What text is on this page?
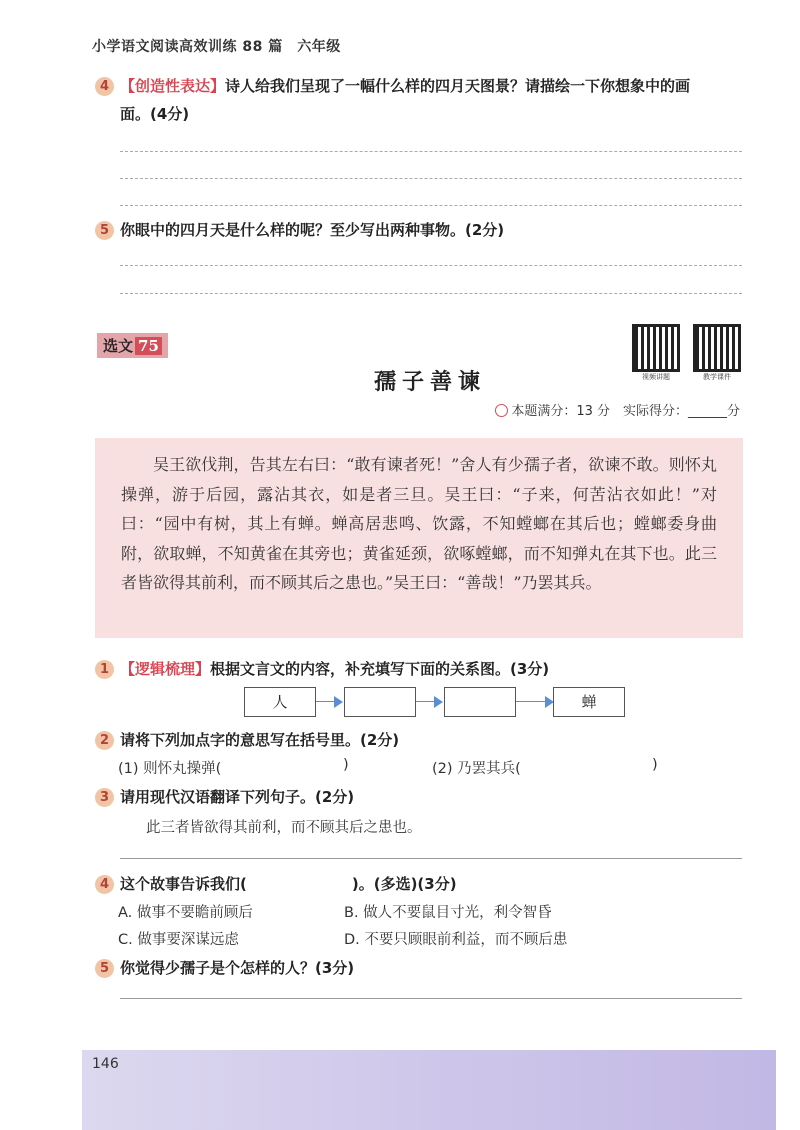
小学语文阅读高效训练 88 篇　六年级
4 【创造性表达】诗人给我们呈现了一幅什么样的四月天图景？请描绘一下你想象中的画
面。(4分)
5 你眼中的四月天是什么样的呢？至少写出两种事物。(2分)
选文 75
孺子善谏	视频讲题	教学课件
本题满分：13 分　实际得分：______分
吴王欲伐荆，告其左右曰：“敢有谏者死！”舍人有少孺子者，欲谏不敢。则怀丸操弹，游于后园，露沾其衣，如是者三旦。吴王曰：“子来，何苦沾衣如此！”对曰：“园中有树，其上有蝉。蝉高居悲鸣、饮露，不知螳螂在其后也；螳螂委身曲附，欲取蝉，不知黄雀在其旁也；黄雀延颈，欲啄螳螂，而不知弹丸在其下也。此三者皆欲得其前利，而不顾其后之患也。”吴王曰：“善哉！”乃罢其兵。
1 【逻辑梳理】根据文言文的内容，补充填写下面的关系图。(3分)
人	蝉
2 请将下列加点字的意思写在括号里。(2分)
(1) 则怀丸操弹(	)	(2) 乃罢其兵(	)
3 请用现代汉语翻译下列句子。(2分)
此三者皆欲得其前利，而不顾其后之患也。
4 这个故事告诉我们(　　　　　　　)。(多选)(3分)
A. 做事不要瞻前顾后	B. 做人不要鼠目寸光，利令智昏
C. 做事要深谋远虑	D. 不要只顾眼前利益，而不顾后患
5 你觉得少孺子是个怎样的人？(3分)
146
